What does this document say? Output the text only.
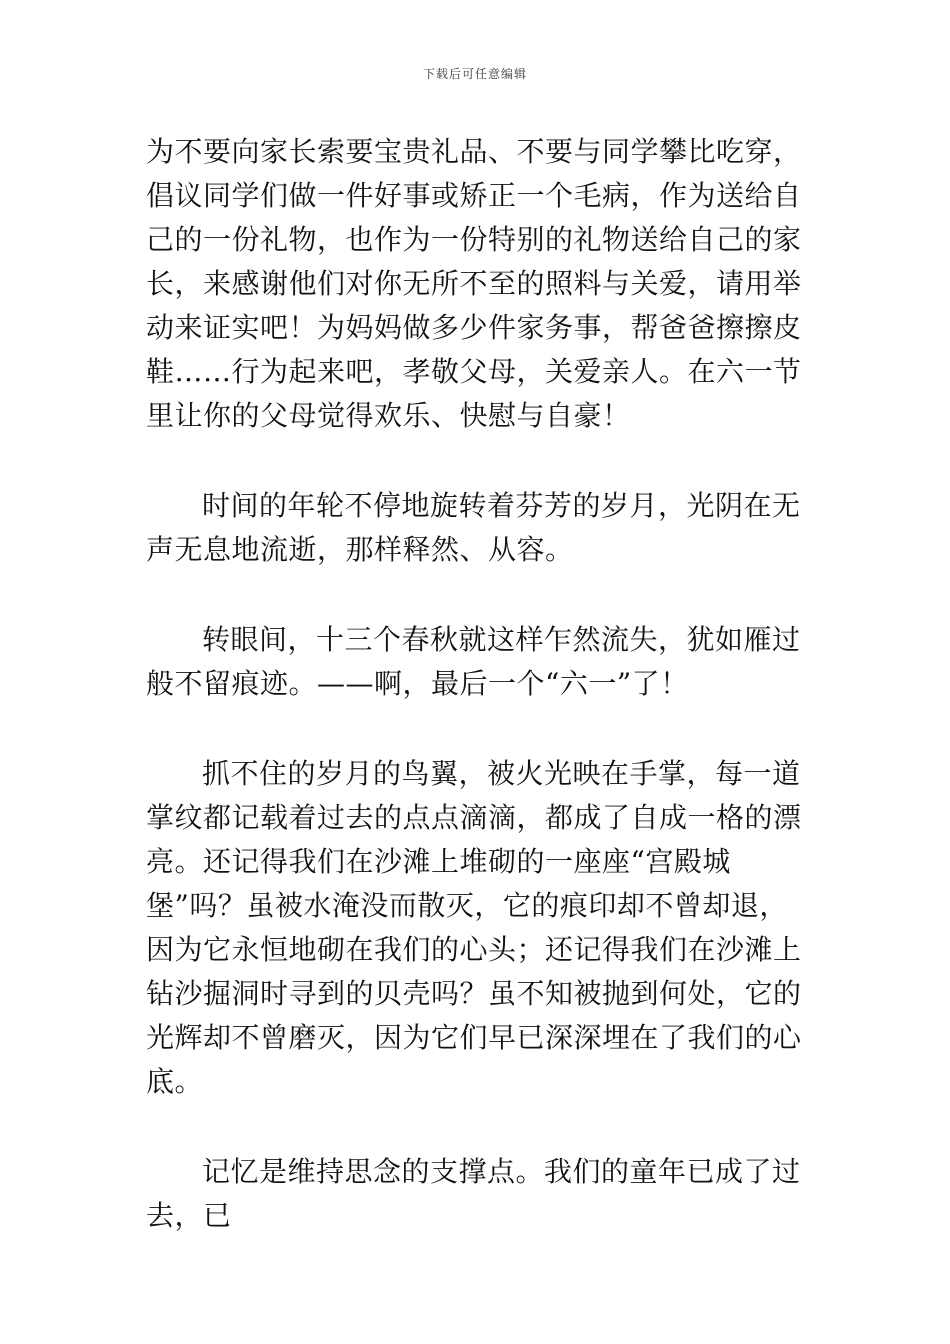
下载后可任意编辑

为不要向家长索要宝贵礼品、不要与同学攀比吃穿，倡议同学们做一件好事或矫正一个毛病，作为送给自己的一份礼物，也作为一份特别的礼物送给自己的家长，来感谢他们对你无所不至的照料与关爱，请用举动来证实吧！为妈妈做多少件家务事，帮爸爸擦擦皮鞋……行为起来吧，孝敬父母，关爱亲人。在六一节里让你的父母觉得欢乐、快慰与自豪！

时间的年轮不停地旋转着芬芳的岁月，光阴在无声无息地流逝，那样释然、从容。

转眼间，十三个春秋就这样乍然流失，犹如雁过般不留痕迹。——啊，最后一个“六一”了！

抓不住的岁月的鸟翼，被火光映在手掌，每一道掌纹都记载着过去的点点滴滴，都成了自成一格的漂亮。还记得我们在沙滩上堆砌的一座座“宫殿城堡”吗？虽被水淹没而散灭，它的痕印却不曾却退，因为它永恒地砌在我们的心头；还记得我们在沙滩上钻沙掘洞时寻到的贝壳吗？虽不知被抛到何处，它的光辉却不曾磨灭，因为它们早已深深埋在了我们的心底。

记忆是维持思念的支撑点。我们的童年已成了过去，已
